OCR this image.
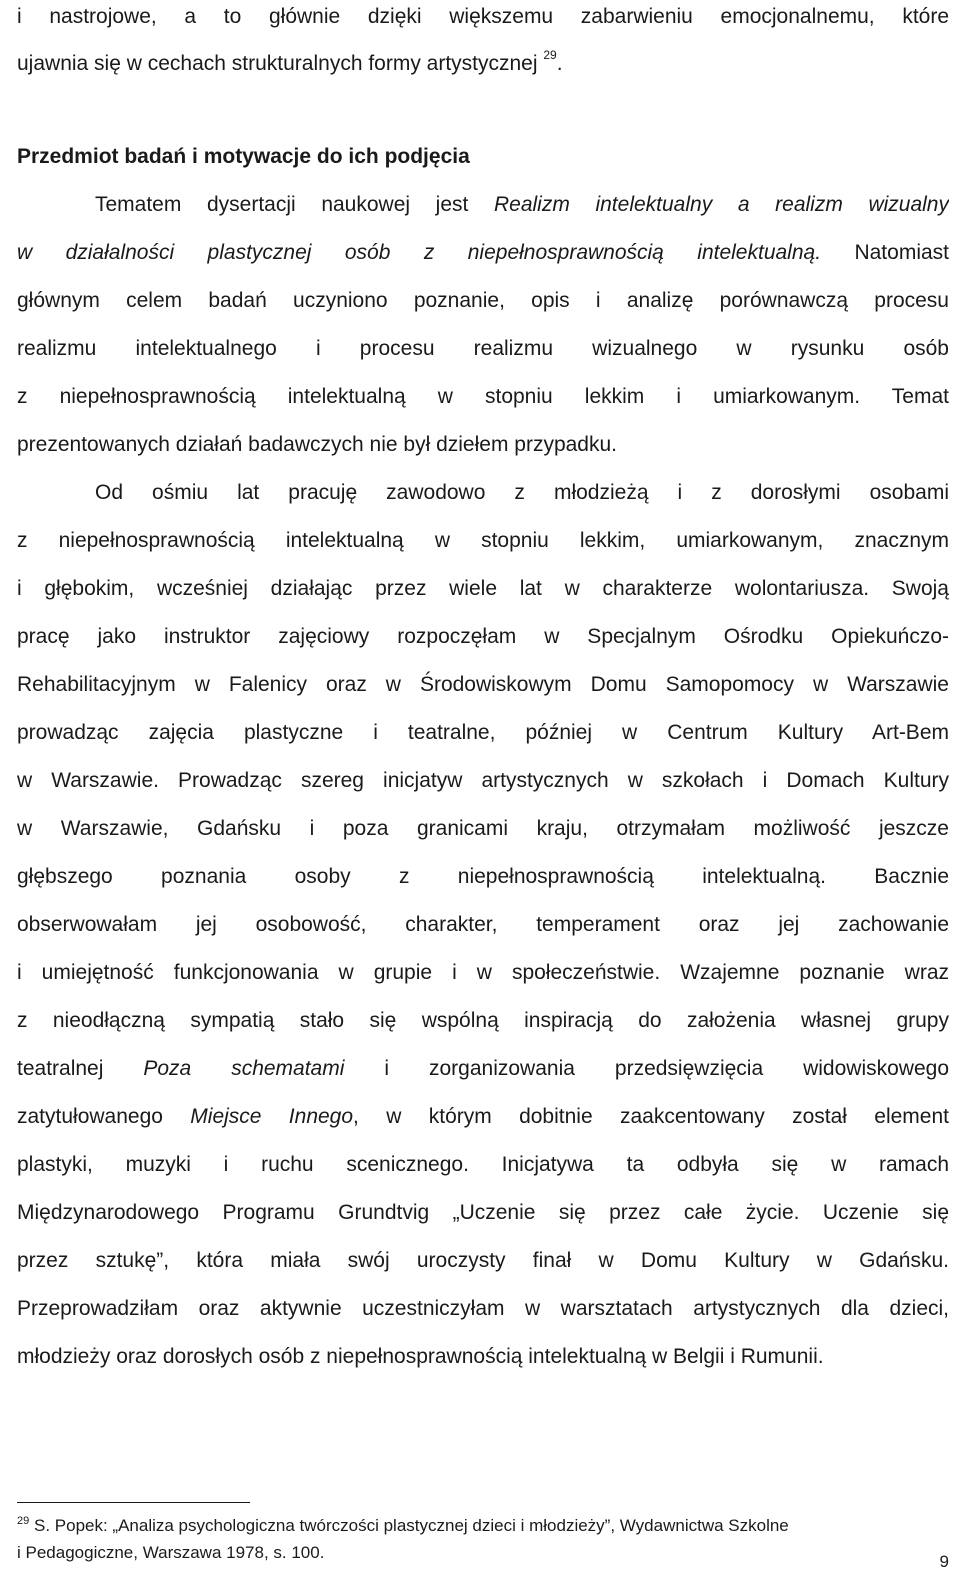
i nastrojowe, a to głównie dzięki większemu zabarwieniu emocjonalnemu, które
ujawnia się w cechach strukturalnych formy artystycznej $^{29}$.
Przedmiot badań i motywacje do ich podjęcia
Tematem dysertacji naukowej jest Realizm intelektualny a realizm wizualny
w działalności plastycznej osób z niepełnosprawnością intelektualną. Natomiast
głównym celem badań uczyniono poznanie, opis i analizę porównawczą procesu
realizmu intelektualnego i procesu realizmu wizualnego w rysunku osób
z niepełnosprawnością intelektualną w stopniu lekkim i umiarkowanym. Temat
prezentowanych działań badawczych nie był dziełem przypadku.
Od ośmiu lat pracuję zawodowo z młodzieżą i z dorosłymi osobami
z niepełnosprawnością intelektualną w stopniu lekkim, umiarkowanym, znacznym
i głębokim, wcześniej działając przez wiele lat w charakterze wolontariusza. Swoją
pracę jako instruktor zajęciowy rozpoczęłam w Specjalnym Ośrodku Opiekuńczo-
Rehabilitacyjnym w Falenicy oraz w Środowiskowym Domu Samopomocy w Warszawie
prowadząc zajęcia plastyczne i teatralne, później w Centrum Kultury Art-Bem
w Warszawie. Prowadząc szereg inicjatyw artystycznych w szkołach i Domach Kultury
w Warszawie, Gdańsku i poza granicami kraju, otrzymałam możliwość jeszcze
głębszego poznania osoby z niepełnosprawnością intelektualną. Bacznie
obserwowałam jej osobowość, charakter, temperament oraz jej zachowanie
i umiejętność funkcjonowania w grupie i w społeczeństwie. Wzajemne poznanie wraz
z nieodłączną sympatią stało się wspólną inspiracją do założenia własnej grupy
teatralnej Poza schematami i zorganizowania przedsięwzięcia widowiskowego
zatytułowanego Miejsce Innego, w którym dobitnie zaakcentowany został element
plastyki, muzyki i ruchu scenicznego. Inicjatywa ta odbyła się w ramach
Międzynarodowego Programu Grundtvig „Uczenie się przez całe życie. Uczenie się
przez sztukę”, która miała swój uroczysty finał w Domu Kultury w Gdańsku.
Przeprowadziłam oraz aktywnie uczestniczyłam w warsztatach artystycznych dla dzieci,
młodzieży oraz dorosłych osób z niepełnosprawnością intelektualną w Belgii i Rumunii.
$^{29}$ S. Popek: „Analiza psychologiczna twórczości plastycznej dzieci i młodzieży”, Wydawnictwa Szkolne
i Pedagogiczne, Warszawa 1978, s. 100.	9
